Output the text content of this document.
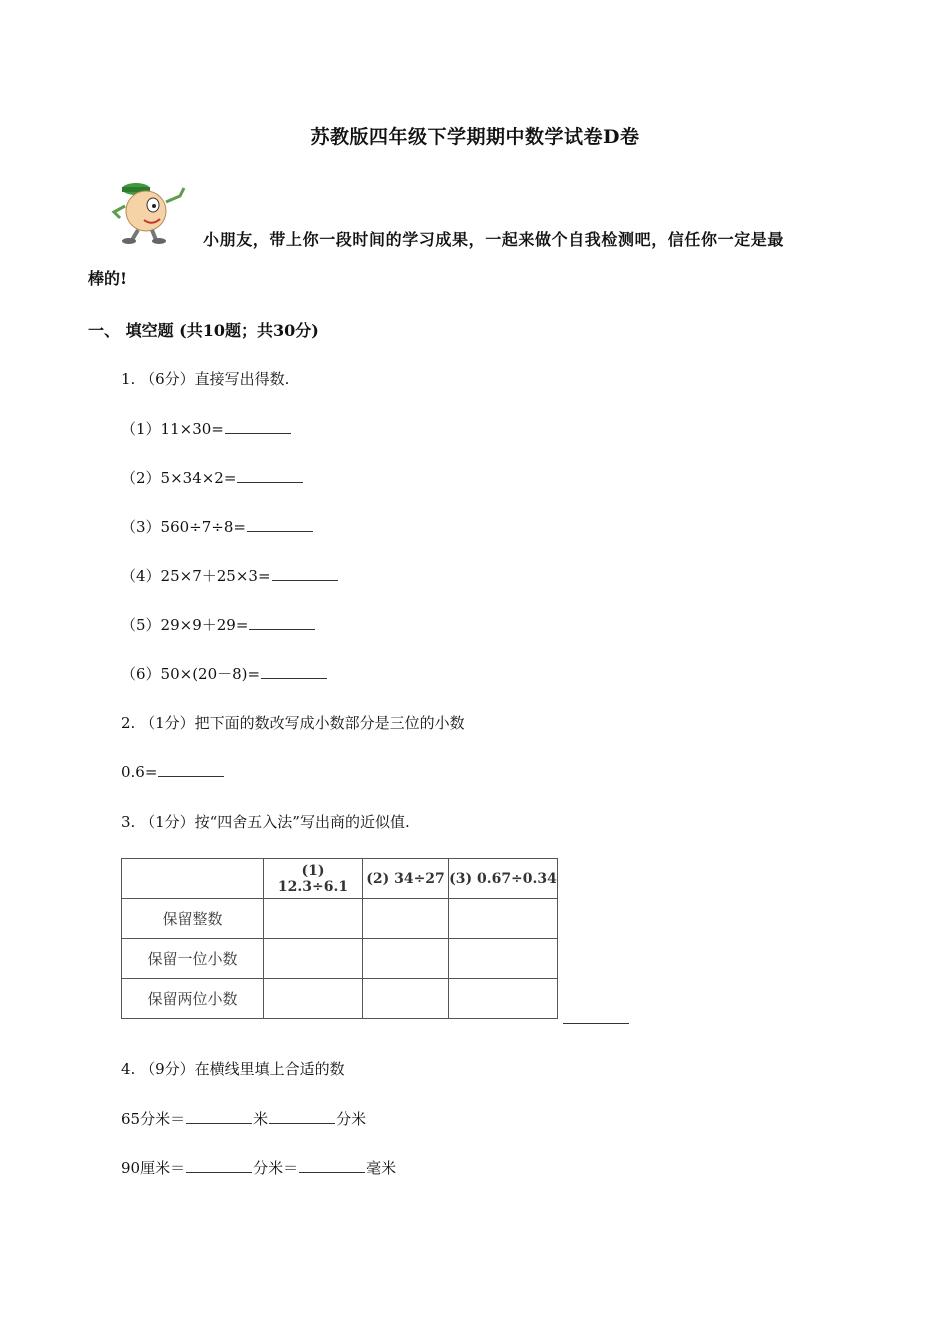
苏教版四年级下学期期中数学试卷D卷
小朋友，带上你一段时间的学习成果，一起来做个自我检测吧，信任你一定是最
棒的!
一、 填空题 (共10题；共30分)
1. （6分）直接写出得数.
（1）11×30=
（2）5×34×2=
（3）560÷7÷8=
（4）25×7＋25×3=
（5）29×9＋29=
（6）50×(20－8)=
2. （1分）把下面的数改写成小数部分是三位的小数
0.6=
3. （1分）按“四舍五入法”写出商的近似值.
	(1) 12.3÷6.1	(2) 34÷27	(3) 0.67÷0.34
保留整数			
保留一位小数			
保留两位小数			
4. （9分）在横线里填上合适的数
65分米＝	米	分米
90厘米＝	分米＝	毫米
